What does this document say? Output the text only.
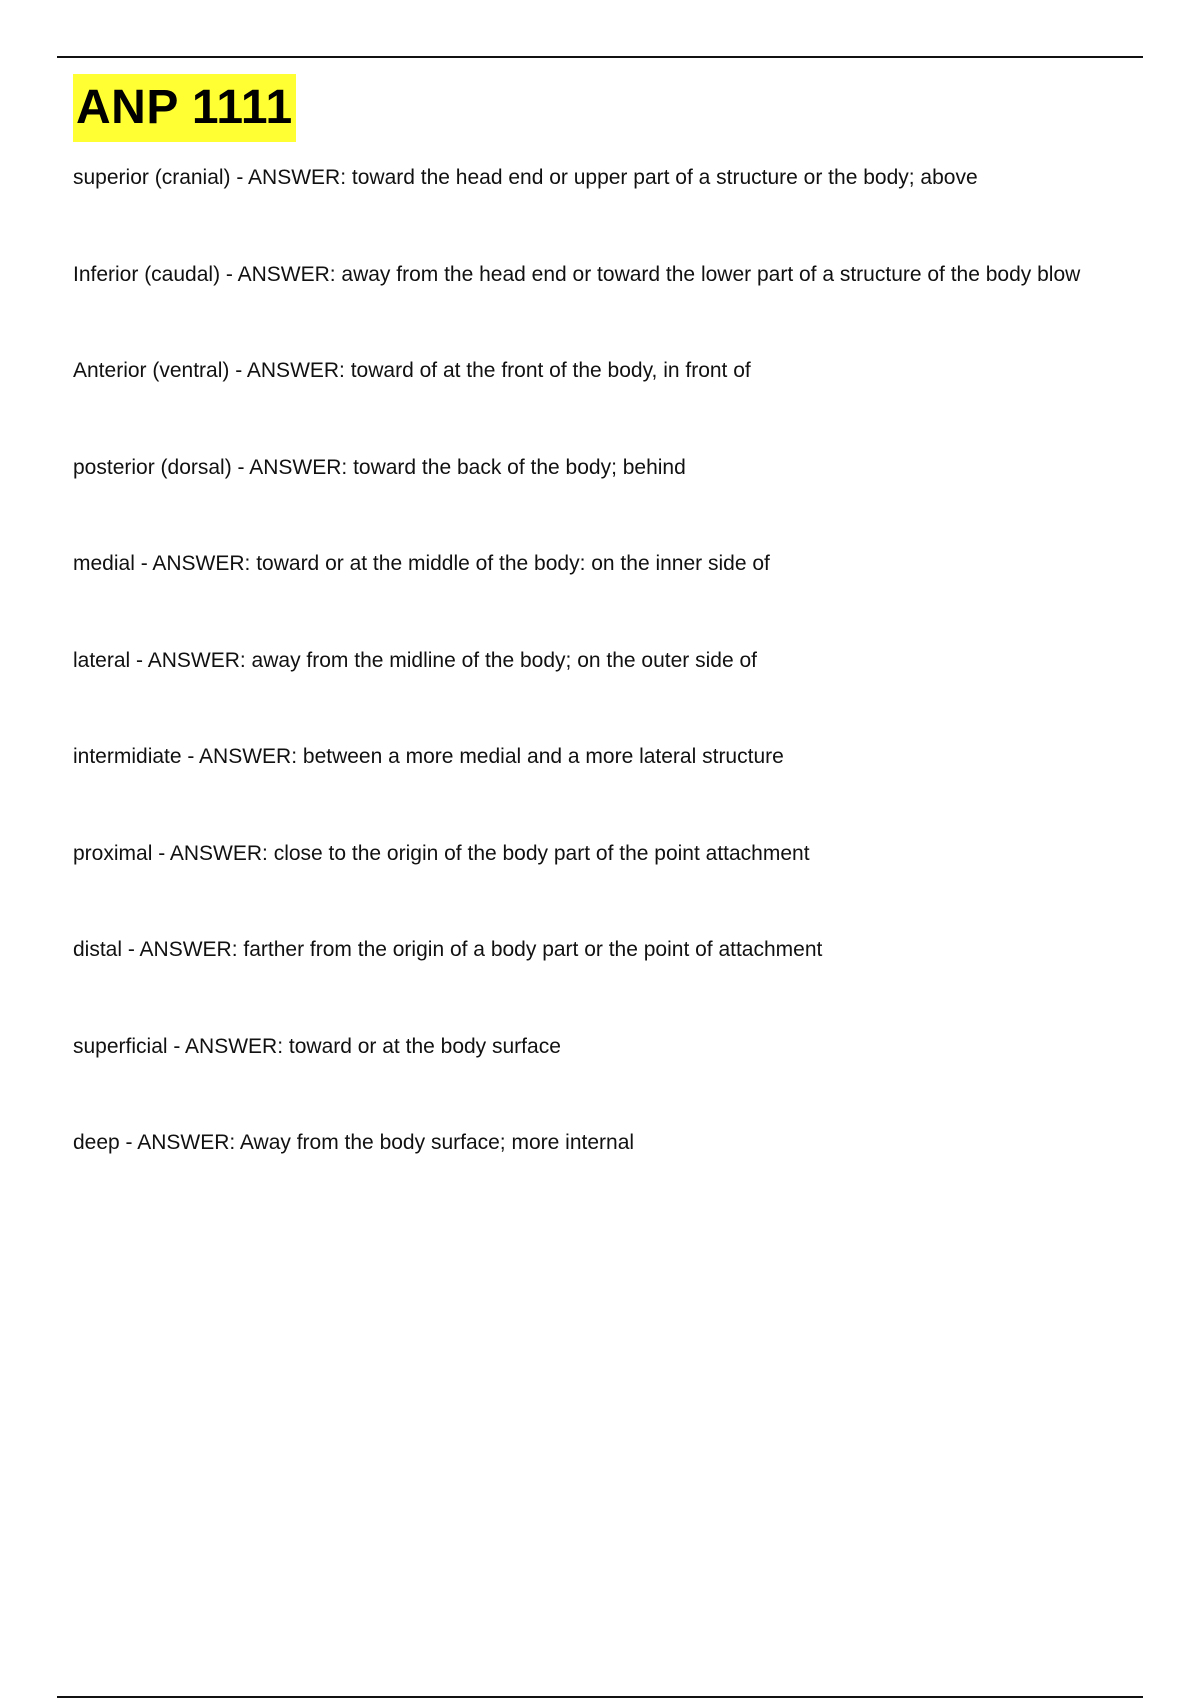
ANP 1111
superior (cranial) - ANSWER: toward the head end or upper part of a structure or the body; above
Inferior (caudal) - ANSWER: away from the head end or toward the lower part of a structure of the body blow
Anterior (ventral) - ANSWER: toward of at the front of the body, in front of
posterior (dorsal) - ANSWER: toward the back of the body; behind
medial - ANSWER: toward or at the middle of the body: on the inner side of
lateral - ANSWER: away from the midline of the body; on the outer side of
intermidiate - ANSWER: between a more medial and a more lateral structure
proximal - ANSWER: close to the origin of the body part of the point attachment
distal - ANSWER: farther from the origin of a body part or the point of attachment
superficial - ANSWER: toward or at the body surface
deep - ANSWER: Away from the body surface; more internal
